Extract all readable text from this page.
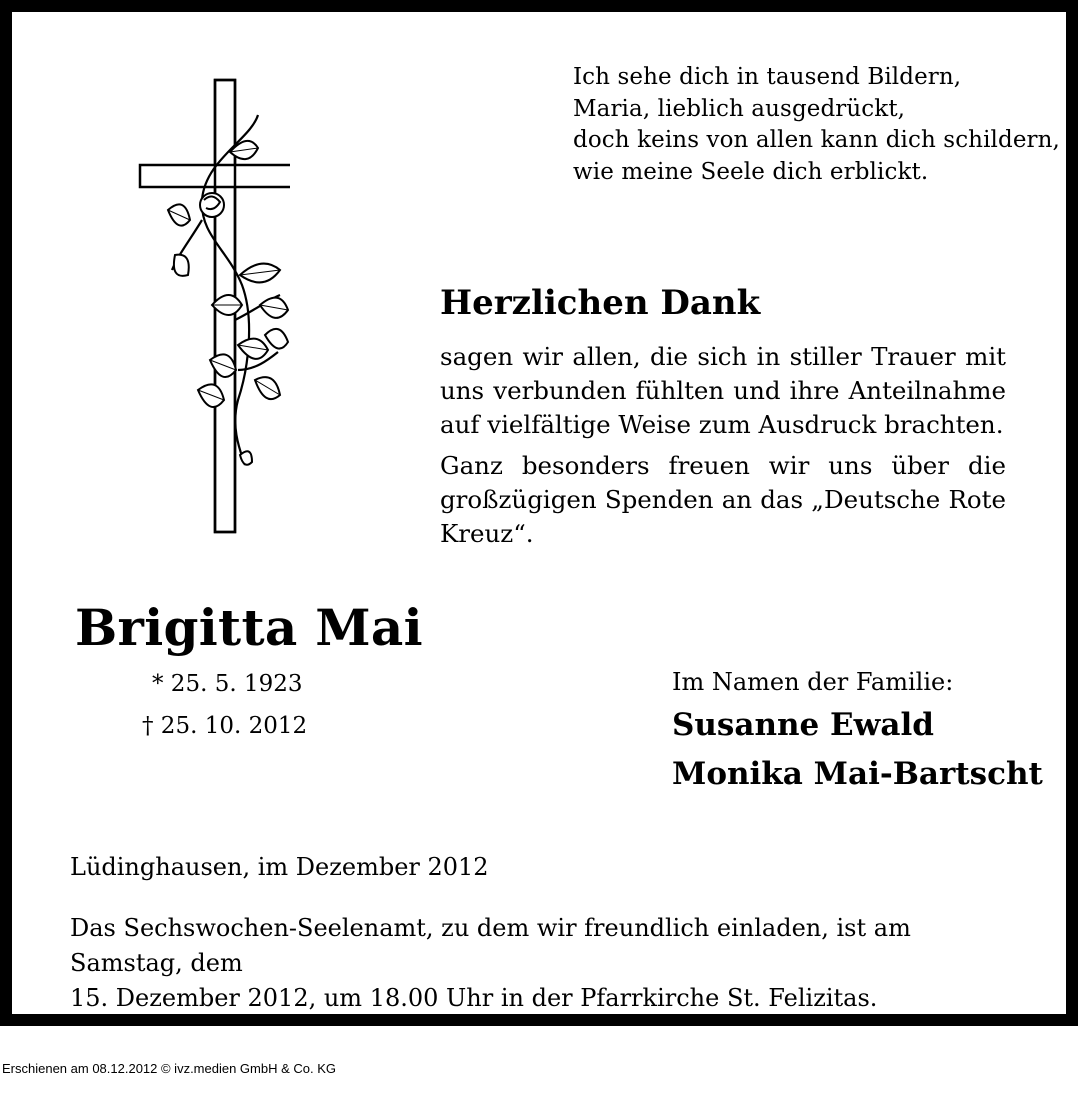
Ich sehe dich in tausend Bildern,
Maria, lieblich ausgedrückt,
doch keins von allen kann dich schildern,
wie meine Seele dich erblickt.
Herzlichen Dank

sagen wir allen, die sich in stiller Trauer mit uns verbunden fühlten und ihre Anteilnahme auf vielfältige Weise zum Ausdruck brachten.

Ganz besonders freuen wir uns über die großzügigen Spenden an das „Deutsche Rote Kreuz“.

Brigitta Mai
* 25. 5. 1923
† 25. 10. 2012
Im Namen der Familie:
Susanne Ewald
Monika Mai-Bartscht
Lüdinghausen, im Dezember 2012
Das Sechswochen-Seelenamt, zu dem wir freundlich einladen, ist am Samstag, dem
15. Dezember 2012, um 18.00 Uhr in der Pfarrkirche St. Felizitas.
Erschienen am 08.12.2012 © ivz.medien GmbH & Co. KG
